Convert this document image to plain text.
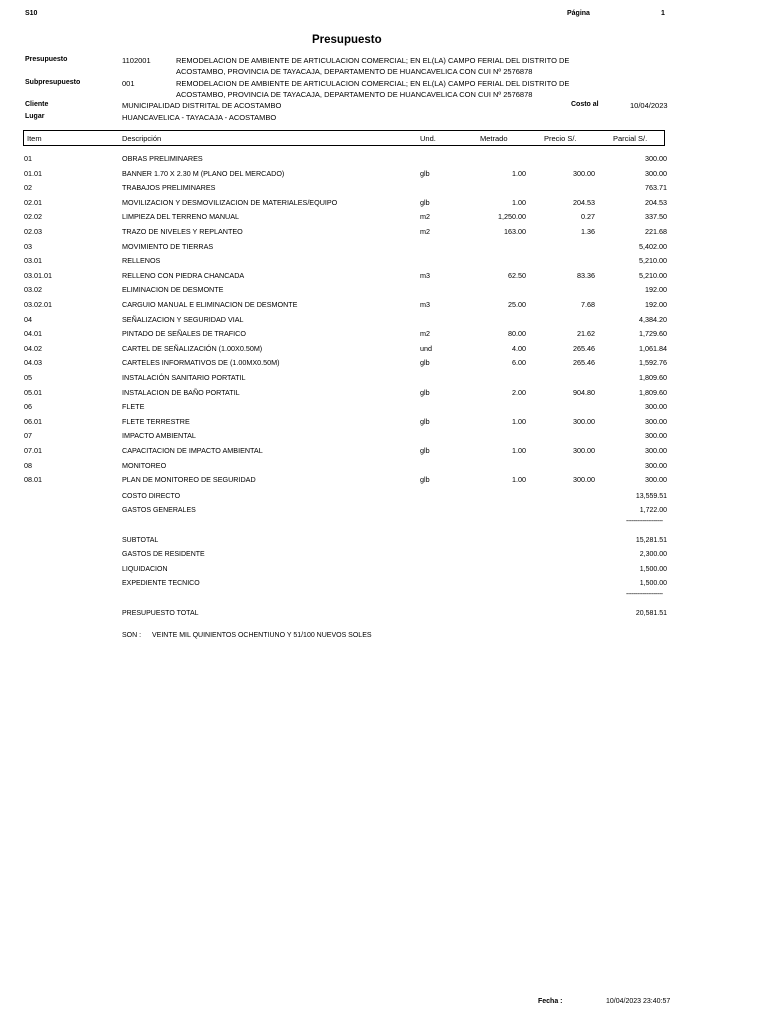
S10	Página	1
Presupuesto
Presupuesto	1102001	REMODELACION DE AMBIENTE DE ARTICULACION COMERCIAL; EN EL(LA) CAMPO FERIAL DEL DISTRITO DE
ACOSTAMBO, PROVINCIA DE TAYACAJA, DEPARTAMENTO DE HUANCAVELICA CON CUI Nº 2576878
Subpresupuesto	001	REMODELACION DE AMBIENTE DE ARTICULACION COMERCIAL; EN EL(LA) CAMPO FERIAL DEL DISTRITO DE
ACOSTAMBO, PROVINCIA DE TAYACAJA, DEPARTAMENTO DE HUANCAVELICA CON CUI Nº 2576878
Cliente	MUNICIPALIDAD DISTRITAL DE ACOSTAMBO	Costo al	10/04/2023
Lugar	HUANCAVELICA - TAYACAJA - ACOSTAMBO
Item	Descripción	Und.	Metrado	Precio S/.	Parcial S/.
01	OBRAS PRELIMINARES	300.00
01.01	BANNER 1.70 X 2.30 M (PLANO DEL MERCADO)	glb	1.00	300.00	300.00
02	TRABAJOS PRELIMINARES	763.71
02.01	MOVILIZACION Y DESMOVILIZACION DE MATERIALES/EQUIPO	glb	1.00	204.53	204.53
02.02	LIMPIEZA DEL TERRENO MANUAL	m2	1,250.00	0.27	337.50
02.03	TRAZO DE NIVELES Y REPLANTEO	m2	163.00	1.36	221.68
03	MOVIMIENTO DE TIERRAS	5,402.00
03.01	RELLENOS	5,210.00
03.01.01	RELLENO CON PIEDRA CHANCADA	m3	62.50	83.36	5,210.00
03.02	ELIMINACION DE DESMONTE	192.00
03.02.01	CARGUIO MANUAL E ELIMINACION DE DESMONTE	m3	25.00	7.68	192.00
04	SEÑALIZACION Y SEGURIDAD VIAL	4,384.20
04.01	PINTADO DE SEÑALES DE TRAFICO	m2	80.00	21.62	1,729.60
04.02	CARTEL DE SEÑALIZACIÓN (1.00X0.50M)	und	4.00	265.46	1,061.84
04.03	CARTELES INFORMATIVOS DE (1.00MX0.50M)	glb	6.00	265.46	1,592.76
05	INSTALACIÓN SANITARIO PORTATIL	1,809.60
05.01	INSTALACION DE BAÑO PORTATIL	glb	2.00	904.80	1,809.60
06	FLETE	300.00
06.01	FLETE TERRESTRE	glb	1.00	300.00	300.00
07	IMPACTO AMBIENTAL	300.00
07.01	CAPACITACION DE IMPACTO AMBIENTAL	glb	1.00	300.00	300.00
08	MONITOREO	300.00
08.01	PLAN DE MONITOREO DE SEGURIDAD	glb	1.00	300.00	300.00
COSTO DIRECTO	13,559.51
GASTOS GENERALES	1,722.00
--------------------
SUBTOTAL	15,281.51
GASTOS DE RESIDENTE	2,300.00
LIQUIDACION	1,500.00
EXPEDIENTE TECNICO	1,500.00
--------------------
PRESUPUESTO TOTAL	20,581.51
SON : VEINTE MIL QUINIENTOS OCHENTIUNO Y 51/100 NUEVOS SOLES
Fecha :	10/04/2023 23:40:57
